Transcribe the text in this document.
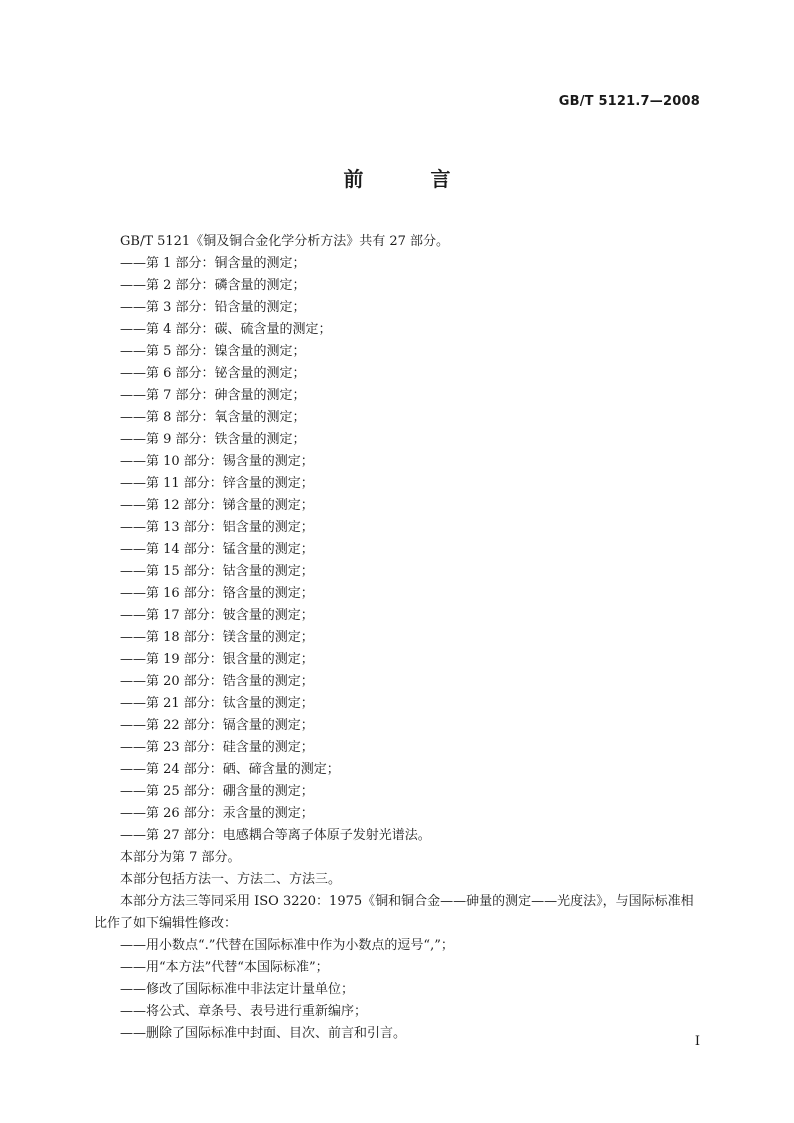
GB/T 5121.7—2008
前 言
GB/T 5121《铜及铜合金化学分析方法》共有 27 部分。
——第 1 部分：铜含量的测定；
——第 2 部分：磷含量的测定；
——第 3 部分：铅含量的测定；
——第 4 部分：碳、硫含量的测定；
——第 5 部分：镍含量的测定；
——第 6 部分：铋含量的测定；
——第 7 部分：砷含量的测定；
——第 8 部分：氧含量的测定；
——第 9 部分：铁含量的测定；
——第 10 部分：锡含量的测定；
——第 11 部分：锌含量的测定；
——第 12 部分：锑含量的测定；
——第 13 部分：铝含量的测定；
——第 14 部分：锰含量的测定；
——第 15 部分：钴含量的测定；
——第 16 部分：铬含量的测定；
——第 17 部分：铍含量的测定；
——第 18 部分：镁含量的测定；
——第 19 部分：银含量的测定；
——第 20 部分：锆含量的测定；
——第 21 部分：钛含量的测定；
——第 22 部分：镉含量的测定；
——第 23 部分：硅含量的测定；
——第 24 部分：硒、碲含量的测定；
——第 25 部分：硼含量的测定；
——第 26 部分：汞含量的测定；
——第 27 部分：电感耦合等离子体原子发射光谱法。
本部分为第 7 部分。
本部分包括方法一、方法二、方法三。
本部分方法三等同采用 ISO 3220：1975《铜和铜合金——砷量的测定——光度法》，与国际标准相
比作了如下编辑性修改：
——用小数点“.”代替在国际标准中作为小数点的逗号“,”；
——用“本方法”代替“本国际标准”；
——修改了国际标准中非法定计量单位；
——将公式、章条号、表号进行重新编序；
——删除了国际标准中封面、目次、前言和引言。
I
